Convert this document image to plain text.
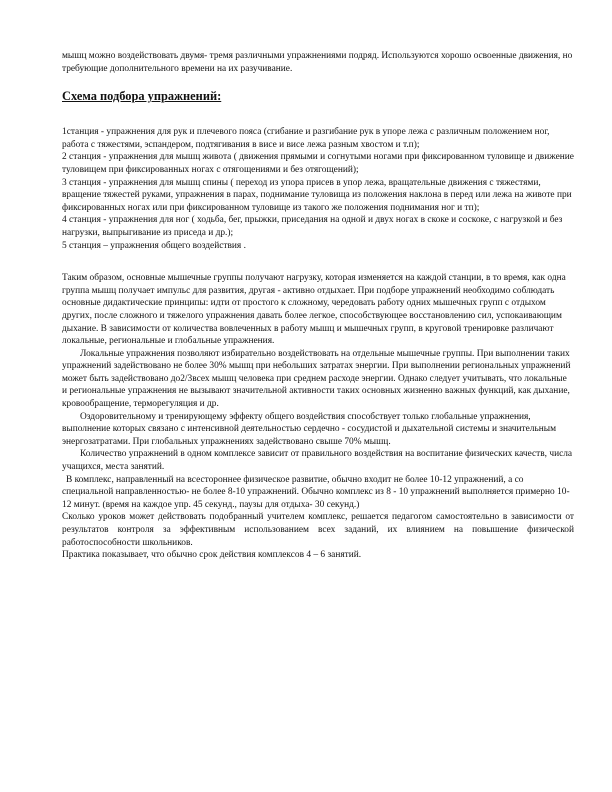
мышц можно воздействовать двумя- тремя различными упражнениями подряд. Используются хорошо освоенные движения, но требующие дополнительного времени на их разучивание.

Схема подбора упражнений:

1станция - упражнения для рук и плечевого пояса (сгибание и разгибание рук в упоре лежа с различным положением ног, работа с тяжестями, эспандером, подтягивания в висе и висе лежа разным хвостом и т.п);

2 станция - упражнения для мышц живота ( движения прямыми и согнутыми ногами при фиксированном туловище и движение туловищем при фиксированных ногах с отягощениями и без отягощений);

3 станция - упражнения для мышц спины ( переход из упора присев в упор лежа, вращательные движения с тяжестями, вращение тяжестей руками, упражнения в парах, поднимание туловища из положения наклона в перед или лежа на животе при фиксированных ногах или при фиксированном туловище из такого же положения поднимания ног и тп);

4 станция - упражнения для ног ( ходьба, бег, прыжки, приседания на одной и двух ногах в скоке и соскоке, с нагрузкой и без нагрузки, выпрыгивание из приседа и др.);

5 станция – упражнения общего воздействия .

Таким образом, основные мышечные группы получают нагрузку, которая изменяется на каждой станции, в то время, как одна группа мышц получает импульс для развития, другая - активно отдыхает. При подборе упражнений необходимо соблюдать основные дидактические принципы: идти от простого к сложному, чередовать работу одних мышечных групп с отдыхом других, после сложного и тяжелого упражнения давать более легкое, способствующее восстановлению сил, успокаивающим дыхание. В зависимости от количества вовлеченных в работу мышц и мышечных групп, в круговой тренировке различают локальные, региональные и глобальные упражнения.

Локальные упражнения позволяют избирательно воздействовать на отдельные мышечные группы. При выполнении таких упражнений задействовано не более 30% мышц при небольших затратах энергии. При выполнении региональных упражнений может быть задействовано до2/3всех мышц человека при среднем расходе энергии. Однако следует учитывать, что локальные и региональные упражнения не вызывают значительной активности таких основных жизненно важных функций, как дыхание, кровообращение, терморегуляция и др.

Оздоровительному и тренирующему эффекту общего воздействия способствует только глобальные упражнения, выполнение которых связано с интенсивной деятельностью сердечно - сосудистой и дыхательной системы и значительным энергозатратами. При глобальных упражнениях задействовано свыше 70% мышц.

Количество упражнений в одном комплексе зависит от правильного воздействия на воспитание физических качеств, числа учащихся, места занятий.

В комплекс, направленный на всестороннее физическое развитие, обычно входит не более 10-12 упражнений, а со специальной направленностью- не более 8-10 упражнений. Обычно комплекс из 8 - 10 упражнений выполняется примерно 10-12 минут. (время на каждое упр. 45 секунд., паузы для отдыха- 30 секунд.)

Сколько уроков может действовать подобранный учителем комплекс, решается педагогом самостоятельно в зависимости от результатов контроля за эффективным использованием всех заданий, их влиянием на повышение физической работоспособности школьников.

Практика показывает, что обычно срок действия комплексов 4 – 6 занятий.
